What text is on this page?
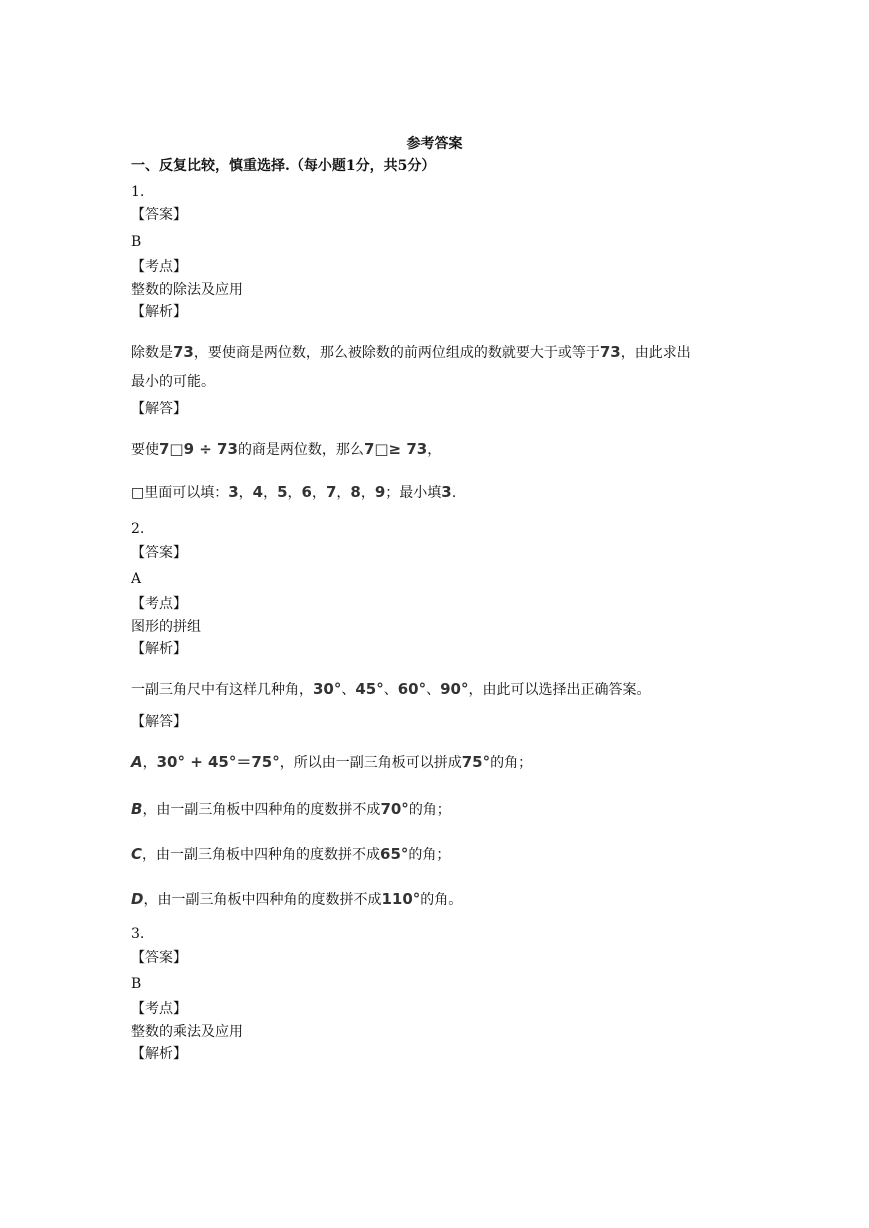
参考答案
一、反复比较，慎重选择.（每小题1分，共5分）
1.
【答案】
B
【考点】
整数的除法及应用
【解析】
除数是73，要使商是两位数，那么被除数的前两位组成的数就要大于或等于73，由此求出
最小的可能。
【解答】
要使7□9 ÷ 73的商是两位数，那么7□≥ 73，
□里面可以填：3，4，5，6，7，8，9；最小填3.
2.
【答案】
A
【考点】
图形的拼组
【解析】
一副三角尺中有这样几种角，30°、45°、60°、90°，由此可以选择出正确答案。
【解答】
A，30° + 45°＝75°，所以由一副三角板可以拼成75°的角；
B，由一副三角板中四种角的度数拼不成70°的角；
C，由一副三角板中四种角的度数拼不成65°的角；
D，由一副三角板中四种角的度数拼不成110°的角。
3.
【答案】
B
【考点】
整数的乘法及应用
【解析】
